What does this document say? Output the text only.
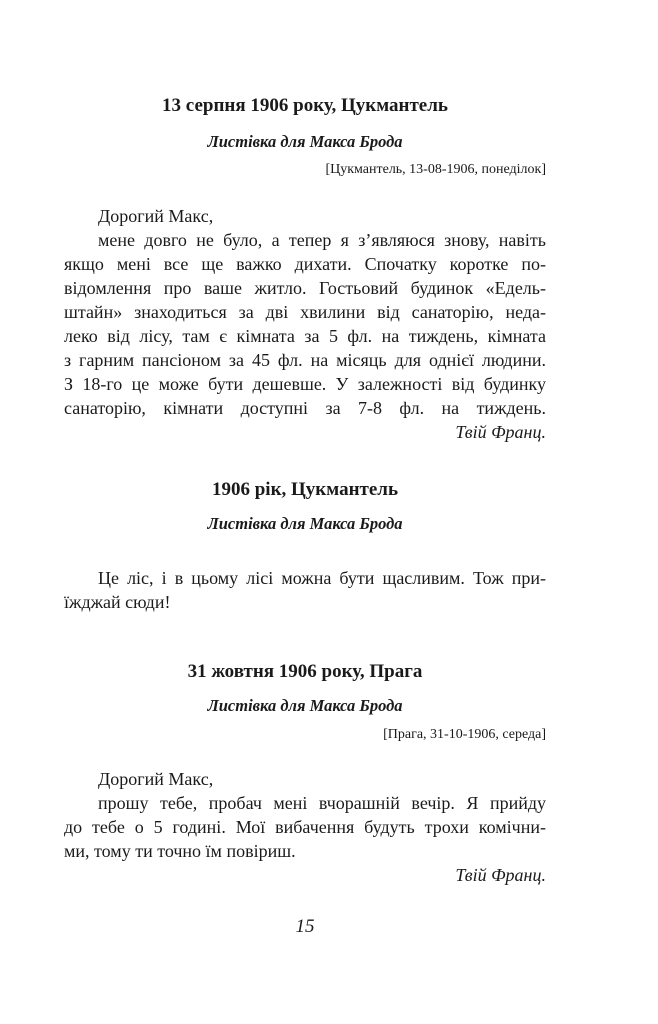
13 серпня 1906 року, Цукмантель
Листівка для Макса Брода
[Цукмантель, 13-08-1906, понеділок]
Дорогий Макс,
мене довго не було, а тепер я з’являюся знову, навіть
якщо мені все ще важко дихати. Спочатку коротке по-
відомлення про ваше житло. Гостьовий будинок «Едель-
штайн» знаходиться за дві хвилини від санаторію, неда-
леко від лісу, там є кімната за 5 фл. на тиждень, кімната
з гарним пансіоном за 45 фл. на місяць для однієї людини.
З 18-го це може бути дешевше. У залежності від будинку
санаторію, кімнати доступні за 7-8 фл. на тиждень.
Твій Франц.
1906 рік, Цукмантель
Листівка для Макса Брода
Це ліс, і в цьому лісі можна бути щасливим. Тож при-
їжджай сюди!
31 жовтня 1906 року, Прага
Листівка для Макса Брода
[Прага, 31-10-1906, середа]
Дорогий Макс,
прошу тебе, пробач мені вчорашній вечір. Я прийду
до тебе о 5 годині. Мої вибачення будуть трохи комічни-
ми, тому ти точно їм повіриш.
Твій Франц.
15
